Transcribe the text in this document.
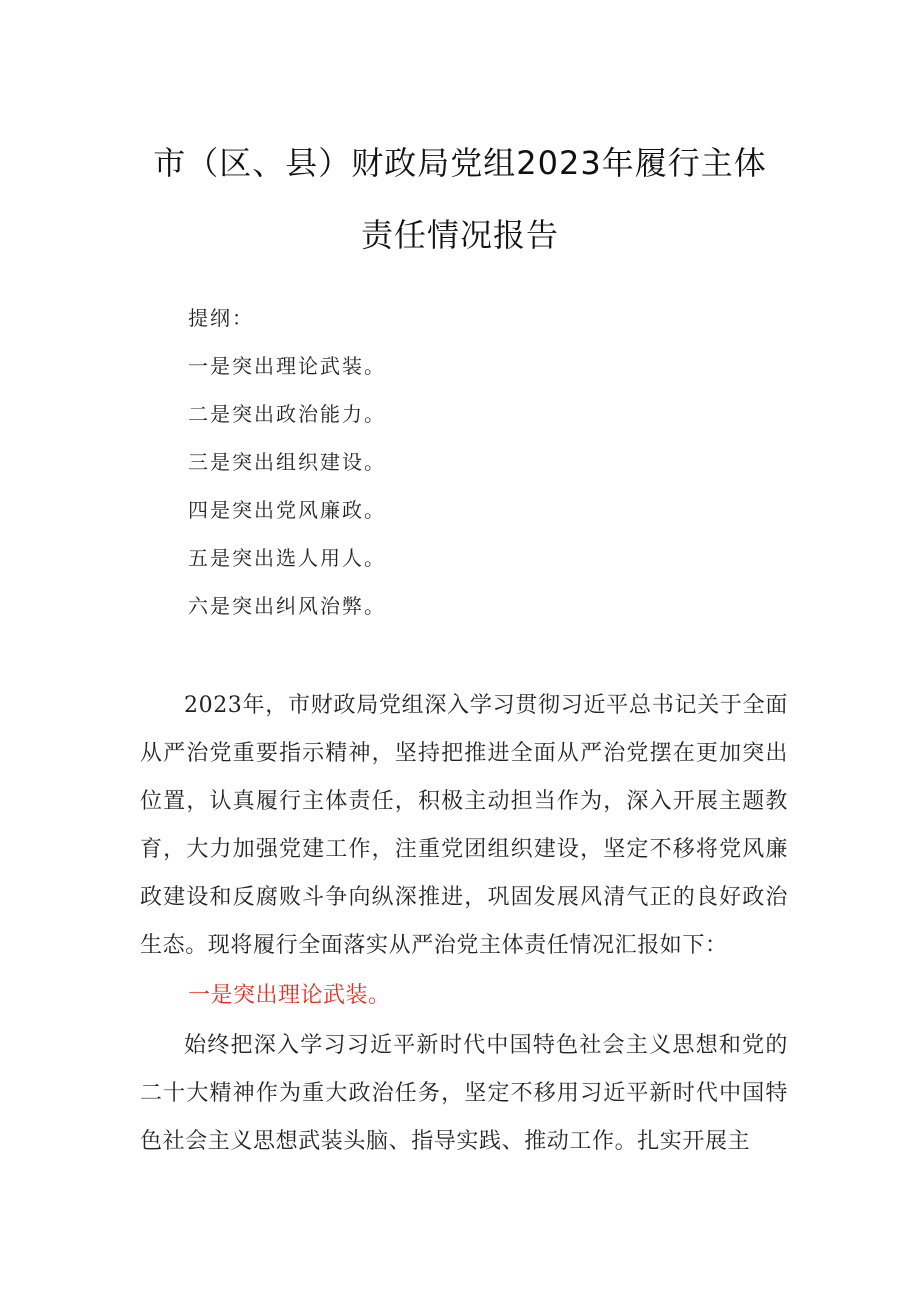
市（区、县）财政局党组2023年履行主体
责任情况报告
提纲：
一是突出理论武装。
二是突出政治能力。
三是突出组织建设。
四是突出党风廉政。
五是突出选人用人。
六是突出纠风治弊。

2023年，市财政局党组深入学习贯彻习近平总书记关于全面从严治党重要指示精神，坚持把推进全面从严治党摆在更加突出位置，认真履行主体责任，积极主动担当作为，深入开展主题教育，大力加强党建工作，注重党团组织建设，坚定不移将党风廉政建设和反腐败斗争向纵深推进，巩固发展风清气正的良好政治生态。现将履行全面落实从严治党主体责任情况汇报如下：

一是突出理论武装。

始终把深入学习习近平新时代中国特色社会主义思想和党的二十大精神作为重大政治任务，坚定不移用习近平新时代中国特色社会主义思想武装头脑、指导实践、推动工作。扎实开展主
